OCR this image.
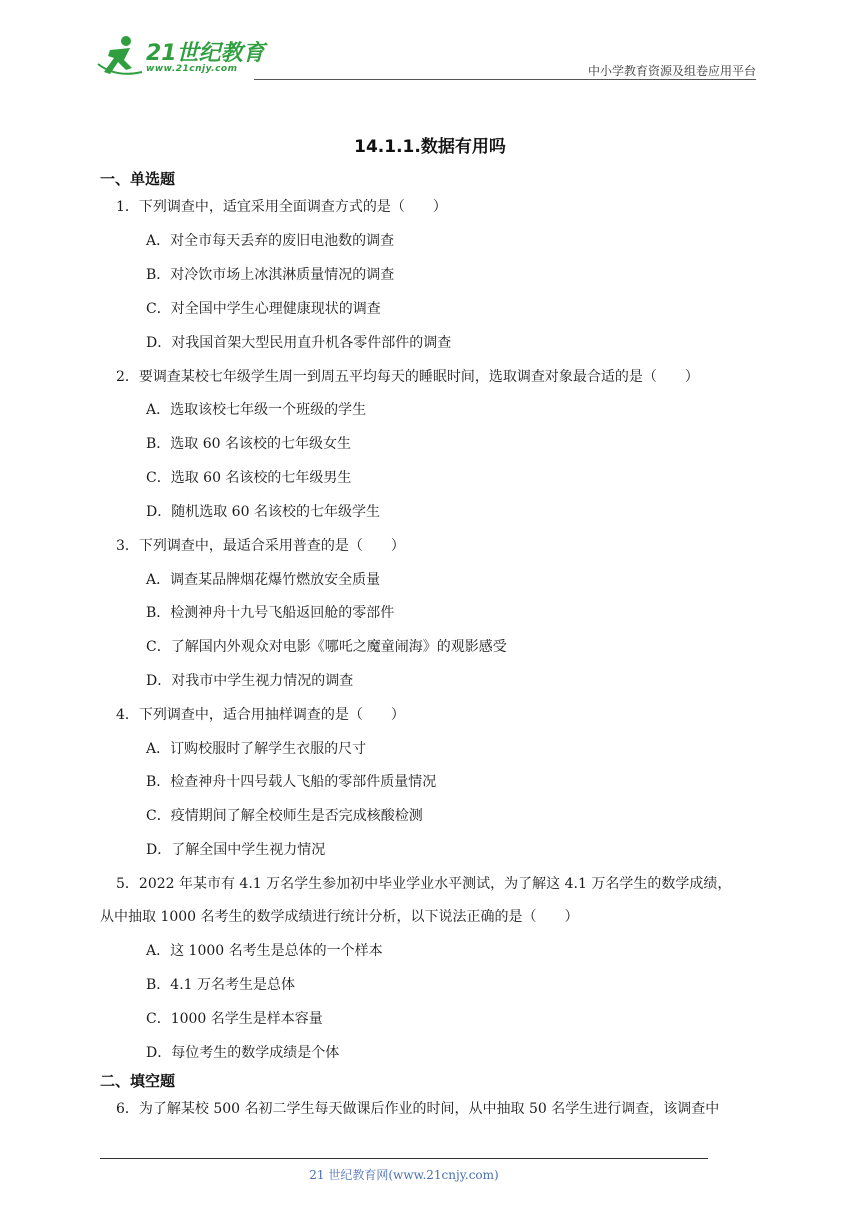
21世纪教育
www.21cnjy.com	中小学教育资源及组卷应用平台
14.1.1.数据有用吗
一、单选题
1．下列调查中，适宜采用全面调查方式的是（　　）
A．对全市每天丢弃的废旧电池数的调查
B．对冷饮市场上冰淇淋质量情况的调查
C．对全国中学生心理健康现状的调查
D．对我国首架大型民用直升机各零件部件的调查
2．要调查某校七年级学生周一到周五平均每天的睡眠时间，选取调查对象最合适的是（　　）
A．选取该校七年级一个班级的学生
B．选取 60 名该校的七年级女生
C．选取 60 名该校的七年级男生
D．随机选取 60 名该校的七年级学生
3．下列调查中，最适合采用普查的是（　　）
A．调查某品牌烟花爆竹燃放安全质量
B．检测神舟十九号飞船返回舱的零部件
C．了解国内外观众对电影《哪吒之魔童闹海》的观影感受
D．对我市中学生视力情况的调查
4．下列调查中，适合用抽样调查的是（　　）
A．订购校服时了解学生衣服的尺寸
B．检查神舟十四号载人飞船的零部件质量情况
C．疫情期间了解全校师生是否完成核酸检测
D．了解全国中学生视力情况
5．2022 年某市有 4.1 万名学生参加初中毕业学业水平测试，为了解这 4.1 万名学生的数学成绩，
从中抽取 1000 名考生的数学成绩进行统计分析，以下说法正确的是（　　）
A．这 1000 名考生是总体的一个样本
B．4.1 万名考生是总体
C．1000 名学生是样本容量
D．每位考生的数学成绩是个体
二、填空题
6．为了解某校 500 名初二学生每天做课后作业的时间，从中抽取 50 名学生进行调查，该调查中
21 世纪教育网(www.21cnjy.com)
